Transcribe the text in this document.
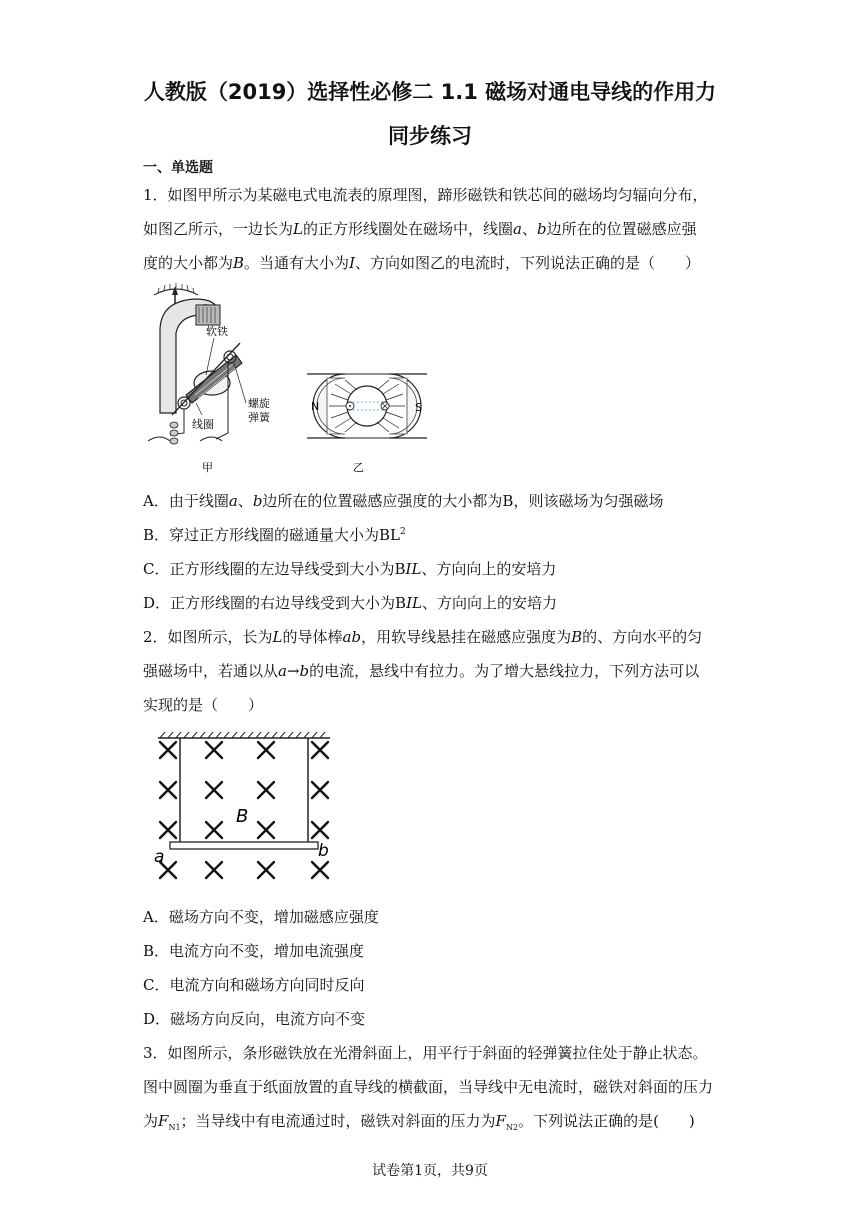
人教版（2019）选择性必修二 1.1 磁场对通电导线的作用力
同步练习
一、单选题
1．如图甲所示为某磁电式电流表的原理图，蹄形磁铁和铁芯间的磁场均匀辐向分布，
如图乙所示，一边长为L的正方形线圈处在磁场中，线圈a、b边所在的位置磁感应强
度的大小都为B。当通有大小为I、方向如图乙的电流时，下列说法正确的是（　　）
软铁
螺旋
弹簧
线圈
甲
N	S
乙
A．由于线圈a、b边所在的位置磁感应强度的大小都为B，则该磁场为匀强磁场
B．穿过正方形线圈的磁通量大小为$BL^2$
C．正方形线圈的左边导线受到大小为BIL、方向向上的安培力
D．正方形线圈的右边导线受到大小为BIL、方向向上的安培力
2．如图所示，长为L的导体棒ab，用软导线悬挂在磁感应强度为B的、方向水平的匀
强磁场中，若通以从a→b的电流，悬线中有拉力。为了增大悬线拉力，下列方法可以
实现的是（　　）
B
a	b
A．磁场方向不变，增加磁感应强度
B．电流方向不变，增加电流强度
C．电流方向和磁场方向同时反向
D．磁场方向反向，电流方向不变
3．如图所示，条形磁铁放在光滑斜面上，用平行于斜面的轻弹簧拉住处于静止状态。
图中圆圈为垂直于纸面放置的直导线的横截面，当导线中无电流时，磁铁对斜面的压力
为$F_{N1}$；当导线中有电流通过时，磁铁对斜面的压力为$F_{N2}$。下列说法正确的是(　　)
试卷第1页，共9页
